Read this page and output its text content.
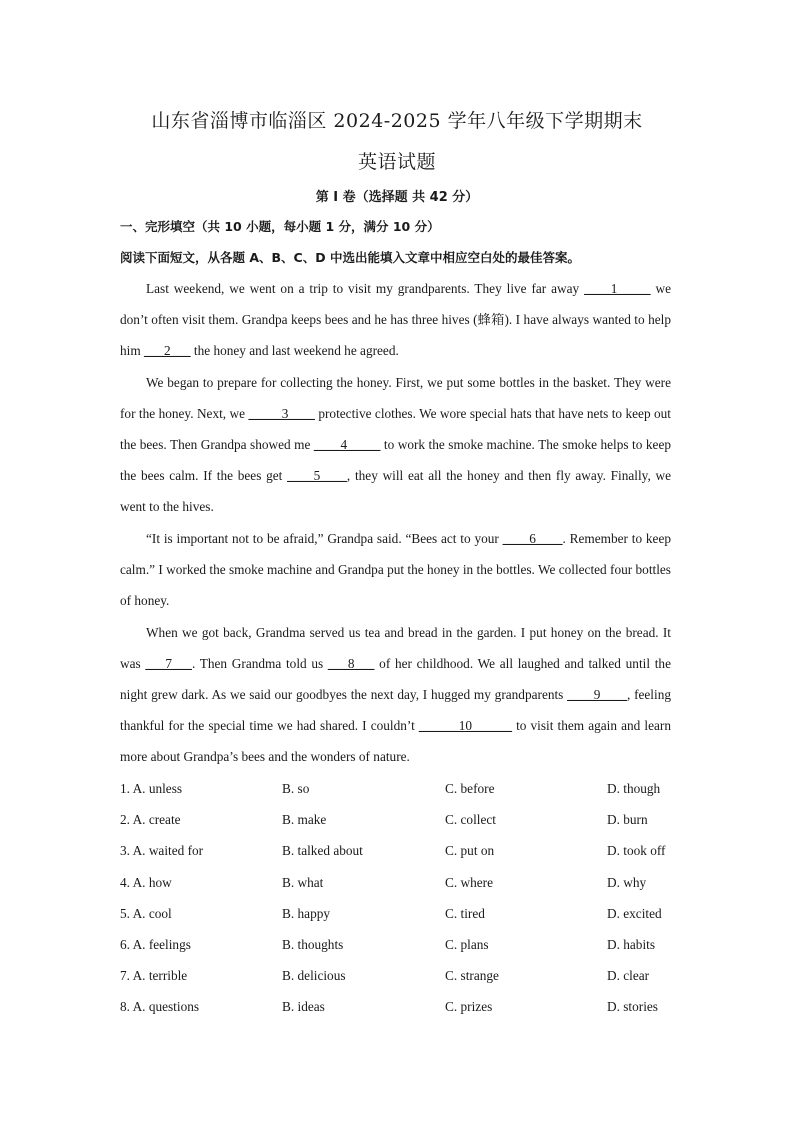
山东省淄博市临淄区 2024-2025 学年八年级下学期期末
英语试题
第 I 卷（选择题 共 42 分）
一、完形填空（共 10 小题，每小题 1 分，满分 10 分）
阅读下面短文，从各题 A、B、C、D 中选出能填入文章中相应空白处的最佳答案。

Last weekend, we went on a trip to visit my grandparents. They live far away ____1_____ we don’t often visit them. Grandpa keeps bees and he has three hives (蜂箱). I have always wanted to help him ___2___ the honey and last weekend he agreed.

We began to prepare for collecting the honey. First, we put some bottles in the basket. They were for the honey. Next, we _____3____ protective clothes. We wore special hats that have nets to keep out the bees. Then Grandpa showed me ____4_____ to work the smoke machine. The smoke helps to keep the bees calm. If the bees get ____5____, they will eat all the honey and then fly away. Finally, we went to the hives.

“It is important not to be afraid,” Grandpa said. “Bees act to your ____6____. Remember to keep calm.” I worked the smoke machine and Grandpa put the honey in the bottles. We collected four bottles of honey.

When we got back, Grandma served us tea and bread in the garden. I put honey on the bread. It was ___7___. Then Grandma told us ___8___ of her childhood. We all laughed and talked until the night grew dark. As we said our goodbyes the next day, I hugged my grandparents ____9____, feeling thankful for the special time we had shared. I couldn’t ______10______ to visit them again and learn more about Grandpa’s bees and the wonders of nature.

1. A. unless	B. so	C. before	D. though
2. A. create	B. make	C. collect	D. burn
3. A. waited for	B. talked about	C. put on	D. took off
4. A. how	B. what	C. where	D. why
5. A. cool	B. happy	C. tired	D. excited
6. A. feelings	B. thoughts	C. plans	D. habits
7. A. terrible	B. delicious	C. strange	D. clear
8. A. questions	B. ideas	C. prizes	D. stories
